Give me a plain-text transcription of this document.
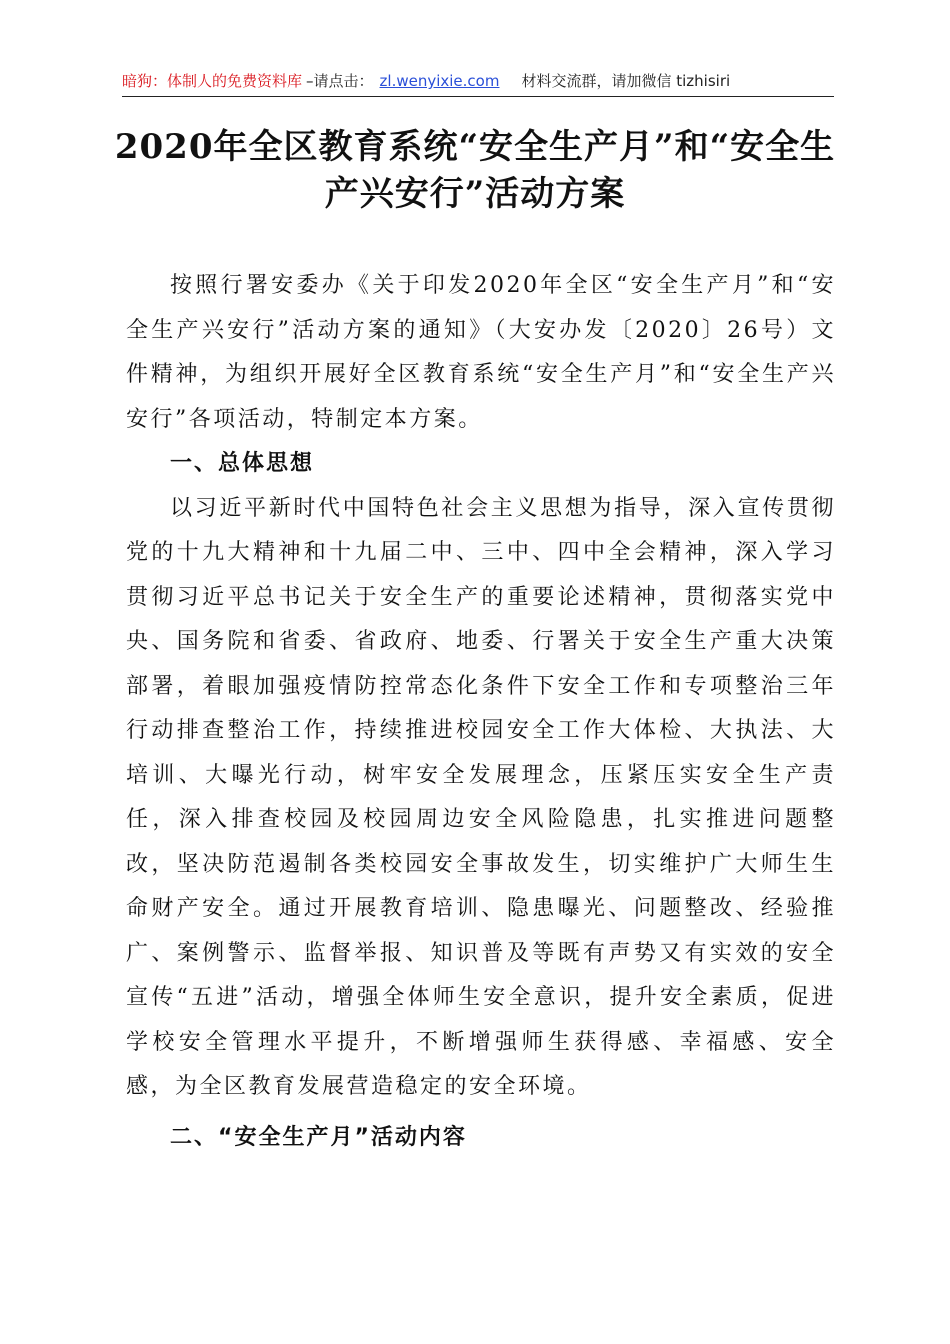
暗狗：体制人的免费资料库 –请点击： zl.wenyixie.com 材料交流群，请加微信 tizhisiri
2020年全区教育系统“安全生产月”和“安全生产兴安行”活动方案

按照行署安委办《关于印发2020年全区“安全生产月”和“安全生产兴安行”活动方案的通知》（大安办发〔2020〕26号）文件精神，为组织开展好全区教育系统“安全生产月”和“安全生产兴安行”各项活动，特制定本方案。

一、总体思想

以习近平新时代中国特色社会主义思想为指导，深入宣传贯彻党的十九大精神和十九届二中、三中、四中全会精神，深入学习贯彻习近平总书记关于安全生产的重要论述精神，贯彻落实党中央、国务院和省委、省政府、地委、行署关于安全生产重大决策部署，着眼加强疫情防控常态化条件下安全工作和专项整治三年行动排查整治工作，持续推进校园安全工作大体检、大执法、大培训、大曝光行动，树牢安全发展理念，压紧压实安全生产责任，深入排查校园及校园周边安全风险隐患，扎实推进问题整改，坚决防范遏制各类校园安全事故发生，切实维护广大师生生命财产安全。通过开展教育培训、隐患曝光、问题整改、经验推广、案例警示、监督举报、知识普及等既有声势又有实效的安全宣传“五进”活动，增强全体师生安全意识，提升安全素质，促进学校安全管理水平提升，不断增强师生获得感、幸福感、安全感，为全区教育发展营造稳定的安全环境。

二、“安全生产月”活动内容
